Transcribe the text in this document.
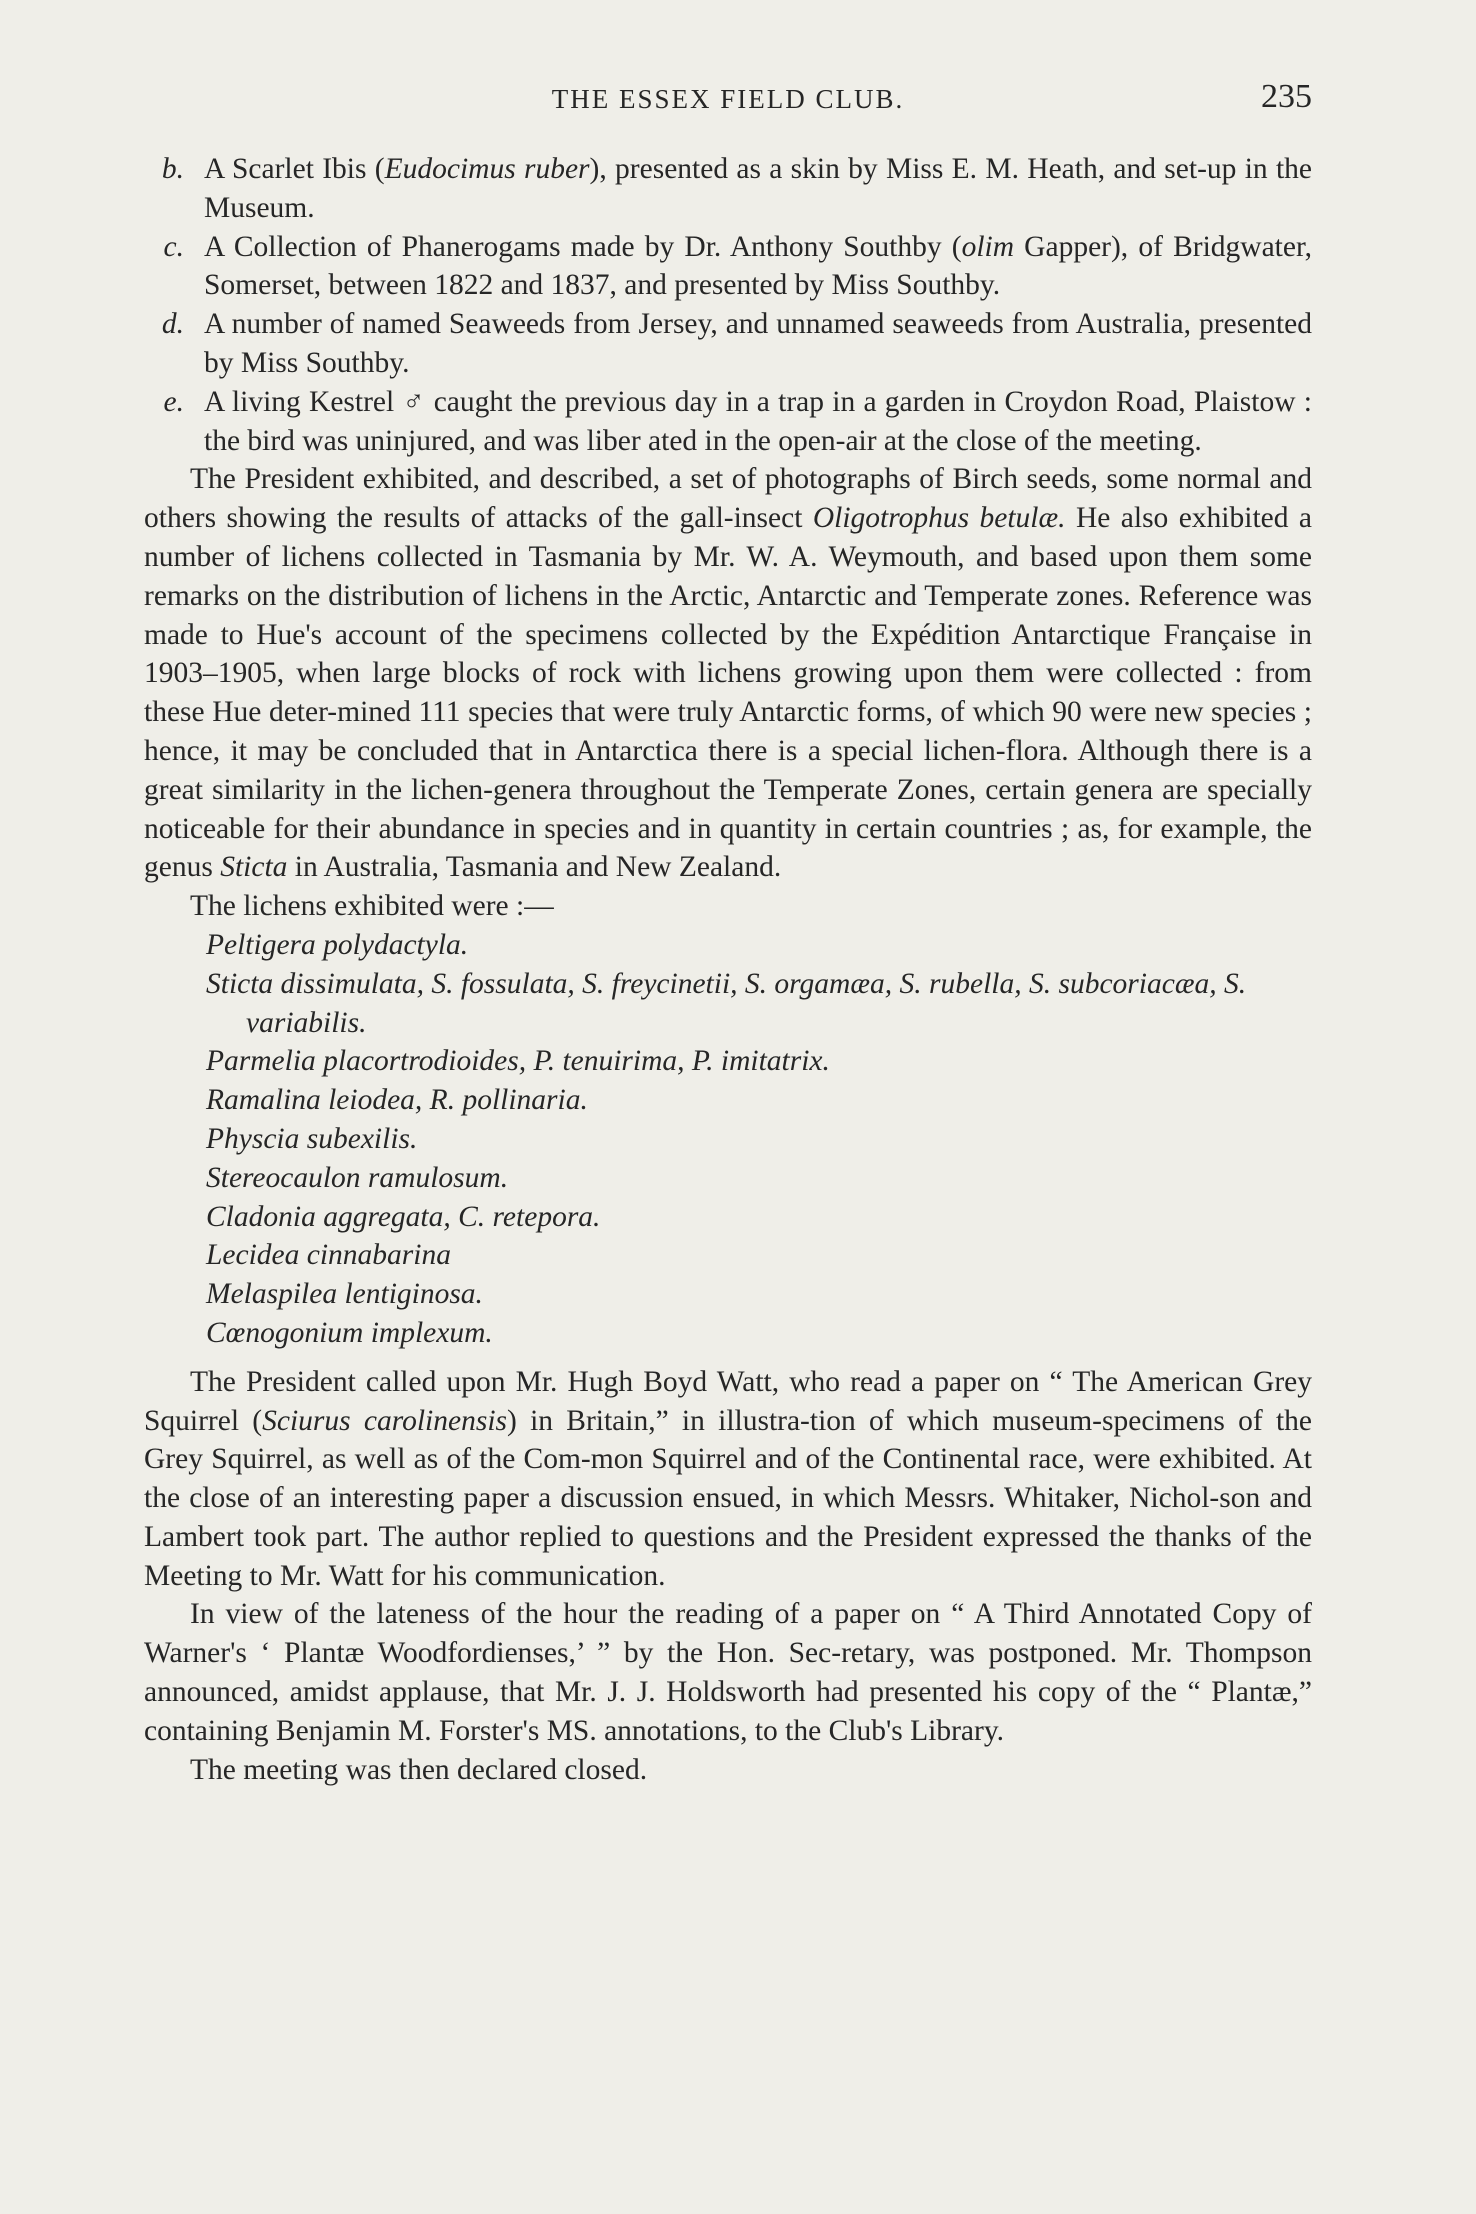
THE ESSEX FIELD CLUB.	235
b. A Scarlet Ibis (Eudocimus ruber), presented as a skin by Miss E. M. Heath, and set-up in the Museum.
c. A Collection of Phanerogams made by Dr. Anthony Southby (olim Gapper), of Bridgwater, Somerset, between 1822 and 1837, and presented by Miss Southby.
d. A number of named Seaweeds from Jersey, and unnamed seaweeds from Australia, presented by Miss Southby.
e. A living Kestrel ♂ caught the previous day in a trap in a garden in Croydon Road, Plaistow : the bird was uninjured, and was liber ated in the open-air at the close of the meeting.

The President exhibited, and described, a set of photographs of Birch seeds, some normal and others showing the results of attacks of the gall-insect Oligotrophus betulæ. He also exhibited a number of lichens collected in Tasmania by Mr. W. A. Weymouth, and based upon them some remarks on the distribution of lichens in the Arctic, Antarctic and Temperate zones. Reference was made to Hue's account of the specimens collected by the Expédition Antarctique Française in 1903–1905, when large blocks of rock with lichens growing upon them were collected : from these Hue deter-mined 111 species that were truly Antarctic forms, of which 90 were new species ; hence, it may be concluded that in Antarctica there is a special lichen-flora. Although there is a great similarity in the lichen-genera throughout the Temperate Zones, certain genera are specially noticeable for their abundance in species and in quantity in certain countries ; as, for example, the genus Sticta in Australia, Tasmania and New Zealand.

The lichens exhibited were :—
Peltigera polydactyla.
Sticta dissimulata, S. fossulata, S. freycinetii, S. orgamæa, S. rubella, S. subcoriacæa, S. variabilis.
Parmelia placortrodioides, P. tenuirima, P. imitatrix.
Ramalina leiodea, R. pollinaria.
Physcia subexilis.
Stereocaulon ramulosum.
Cladonia aggregata, C. retepora.
Lecidea cinnabarina
Melaspilea lentiginosa.
Cœnogonium implexum.

The President called upon Mr. Hugh Boyd Watt, who read a paper on “ The American Grey Squirrel (Sciurus carolinensis) in Britain,” in illustra-tion of which museum-specimens of the Grey Squirrel, as well as of the Com-mon Squirrel and of the Continental race, were exhibited. At the close of an interesting paper a discussion ensued, in which Messrs. Whitaker, Nichol-son and Lambert took part. The author replied to questions and the President expressed the thanks of the Meeting to Mr. Watt for his communication.

In view of the lateness of the hour the reading of a paper on “ A Third Annotated Copy of Warner's ‘ Plantæ Woodfordienses,’ ” by the Hon. Sec-retary, was postponed. Mr. Thompson announced, amidst applause, that Mr. J. J. Holdsworth had presented his copy of the “ Plantæ,” containing Benjamin M. Forster's MS. annotations, to the Club's Library.

The meeting was then declared closed.
